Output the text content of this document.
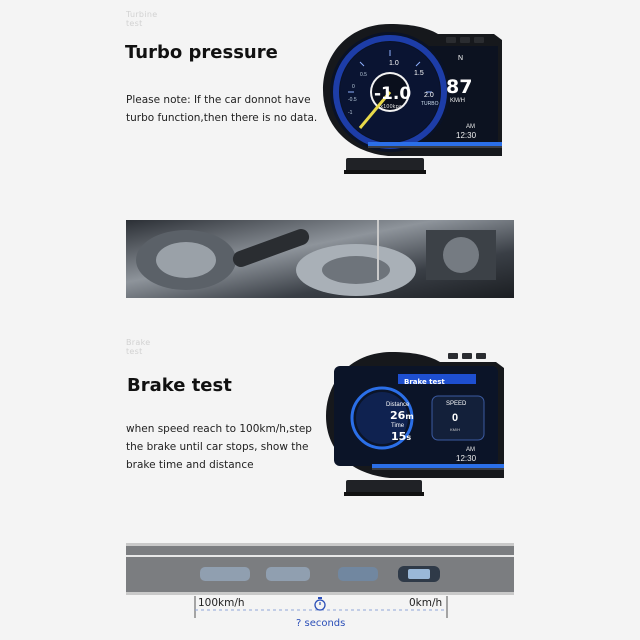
Turbine
test
Turbo pressure
Please note: If the car donnot have
turbo function,then there is no data.
-1.0
x100kpa
-1
-0.5
0
0.5
1.0
1.5
2.0
TURBO
N
87
KM/H
AM
12:30
Brake
test
Brake test
when speed reach to 100km/h,step
the brake until car stops, show the
brake time and distance
Brake test
Distance
26m
Time
15s
SPEED
0
KM/H
AM
12:30
100km/h	0km/h
? seconds
